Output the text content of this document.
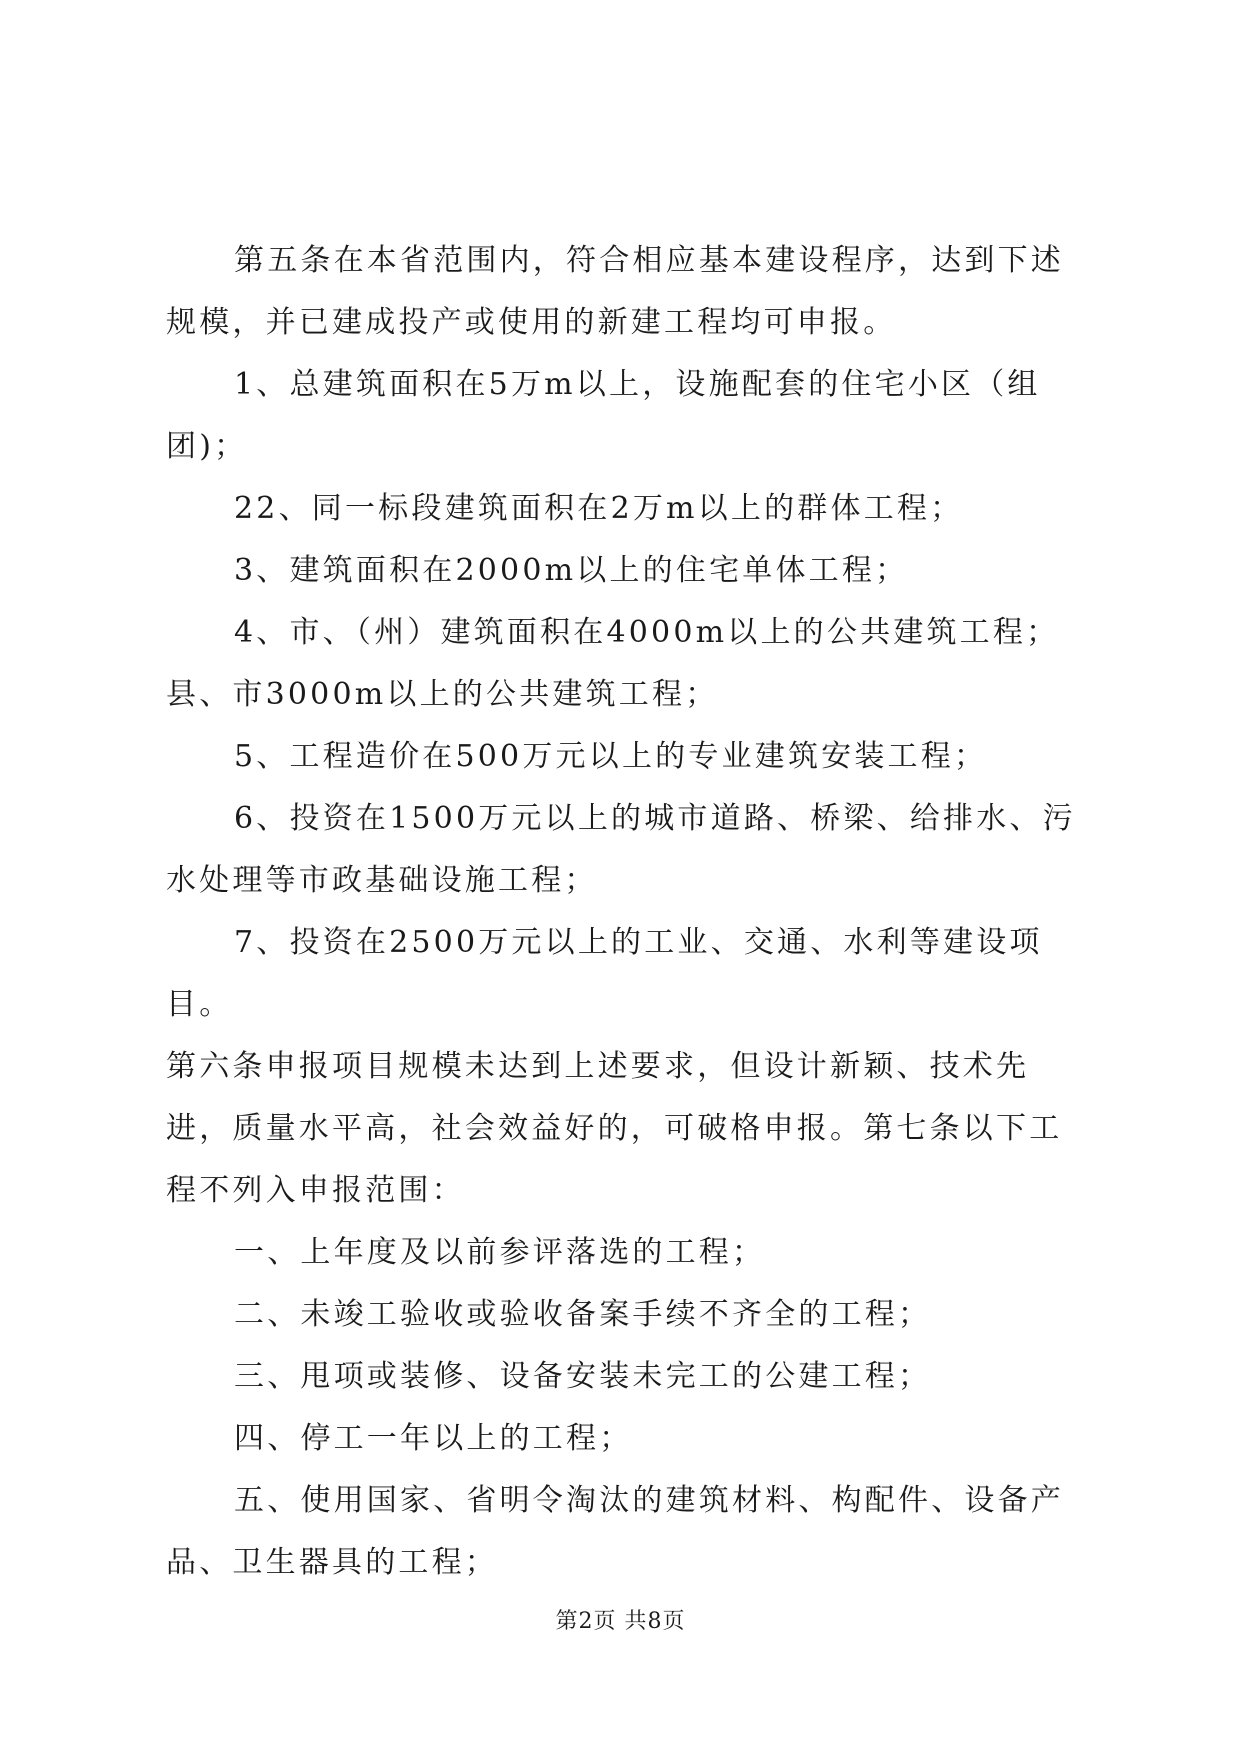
第五条在本省范围内，符合相应基本建设程序，达到下述规模，并已建成投产或使用的新建工程均可申报。

1、总建筑面积在5万m以上，设施配套的住宅小区（组团)；

22、同一标段建筑面积在2万m以上的群体工程；

3、建筑面积在2000m以上的住宅单体工程；

4、市、（州）建筑面积在4000m以上的公共建筑工程；县、市3000m以上的公共建筑工程；

5、工程造价在500万元以上的专业建筑安装工程；

6、投资在1500万元以上的城市道路、桥梁、给排水、污水处理等市政基础设施工程；

7、投资在2500万元以上的工业、交通、水利等建设项目。

第六条申报项目规模未达到上述要求，但设计新颖、技术先进，质量水平高，社会效益好的，可破格申报。第七条以下工程不列入申报范围：

一、上年度及以前参评落选的工程；

二、未竣工验收或验收备案手续不齐全的工程；

三、甩项或装修、设备安装未完工的公建工程；

四、停工一年以上的工程；

五、使用国家、省明令淘汰的建筑材料、构配件、设备产品、卫生器具的工程；

第2页 共8页
